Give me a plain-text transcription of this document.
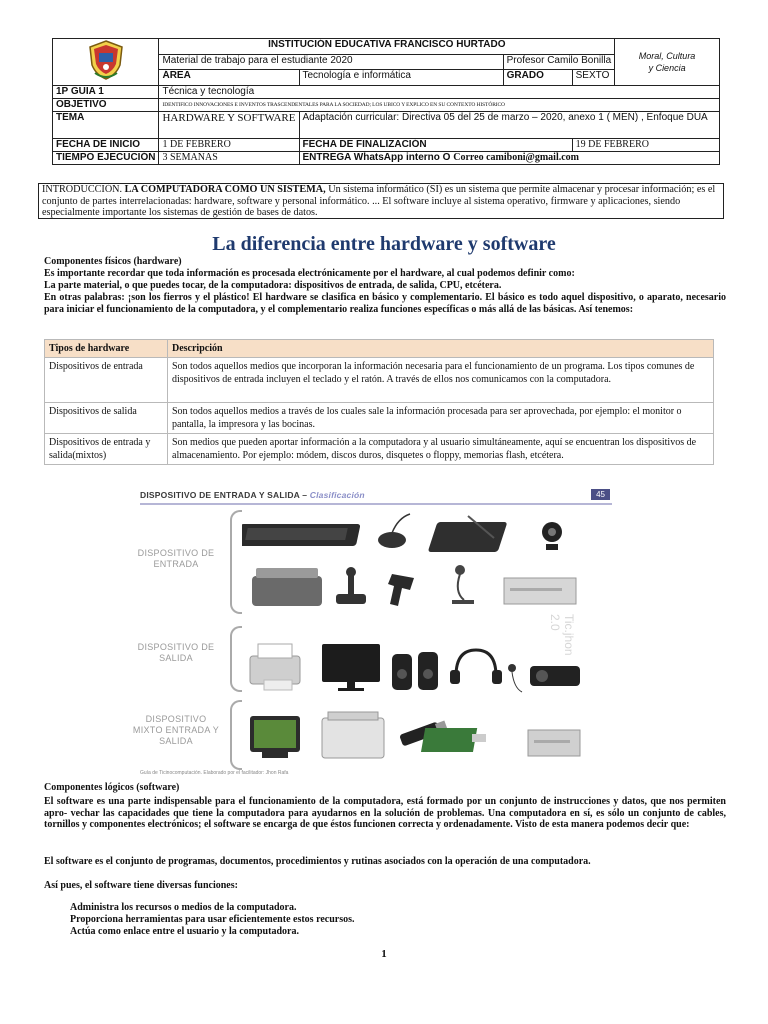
	INSTITUCIÓN EDUCATIVA FRANCISCO HURTADO				Moral, Cultura
y Ciencia
	Material de trabajo para el estudiante 2020		Profesor Camilo Bonilla		
	ÁREA	Tecnología e informática	GRADO	SEXTO	
1P GUIA 1	Técnica y tecnología				
OBJETIVO	IDENTIFICO INNOVACIONES E INVENTOS TRASCENDENTALES PARA LA SOCIEDAD; LOS UBICO Y EXPLICO EN SU CONTEXTO HISTÓRICO				
TEMA	HARDWARE Y SOFTWARE	Adaptación curricular: Directiva 05 del 25 de marzo – 2020, anexo 1 ( MEN) , Enfoque DUA			
FECHA DE INICIO	1 DE FEBRERO	FECHA DE FINALIZACIÓN		19 DE FEBRERO	
TIEMPO EJECUCIÓN	3 SEMANAS	ENTREGA WhatsApp interno O Correo camiboni@gmail.com			
INTRODUCCIÓN. LA COMPUTADORA COMO UN SISTEMA, Un sistema informático (SI) es un sistema que permite almacenar y procesar información; es el conjunto de partes interrelacionadas: hardware, software y personal informático. ... El software incluye al sistema operativo, firmware y aplicaciones, siendo especialmente importante los sistemas de gestión de bases de datos.
La diferencia entre hardware y software
Componentes físicos (hardware)
Es importante recordar que toda información es procesada electrónicamente por el hardware, al cual podemos definir como:
La parte material, o que puedes tocar, de la computadora: dispositivos de entrada, de salida, CPU, etcétera.
En otras palabras: ¡son los fierros y el plástico! El hardware se clasifica en básico y complementario. El básico es todo aquel dispositivo, o aparato, necesario para iniciar el funcionamiento de la computadora, y el complementario realiza funciones específicas o más allá de las básicas. Así tenemos:
Tipos de hardware	Descripción
Dispositivos de entrada	Son todos aquellos medios que incorporan la información necesaria para el funcionamiento de un programa. Los tipos comunes de dispositivos de entrada incluyen el teclado y el ratón. A través de ellos nos comunicamos con la computadora.
Dispositivos de salida	Son todos aquellos medios a través de los cuales sale la información procesada para ser aprovechada, por ejemplo: el monitor o pantalla, la impresora y las bocinas.
Dispositivos de entrada y salida(mixtos)	Son medios que pueden aportar información a la computadora y al usuario simultáneamente, aquí se encuentran los dispositivos de almacenamiento. Por ejemplo: módem, discos duros, disquetes o floppy, memorias flash, etcétera.
DISPOSITIVO DE ENTRADA Y SALIDA – Clasificación	45
DISPOSITIVO DE ENTRADA
DISPOSITIVO DE SALIDA
DISPOSITIVO MIXTO ENTRADA Y SALIDA
Tic.jhon 2.0
Guía de Ticinocomputación. Elaborado por el facilitador: Jhon Rafa
Componentes lógicos (software)
El software es una parte indispensable para el funcionamiento de la computadora, está formado por un conjunto de instrucciones y datos, que nos permiten apro- vechar las capacidades que tiene la computadora para ayudarnos en la solución de problemas. Una computadora en sí, es sólo un conjunto de cables, tornillos y componentes electrónicos; el software se encarga de que éstos funcionen correcta y ordenadamente. Visto de esta manera podemos decir que:
El software es el conjunto de programas, documentos, procedimientos y rutinas asociados con la operación de una computadora.
Así pues, el software tiene diversas funciones:
Administra los recursos o medios de la computadora.
Proporciona herramientas para usar eficientemente estos recursos.
Actúa como enlace entre el usuario y la computadora.
1
